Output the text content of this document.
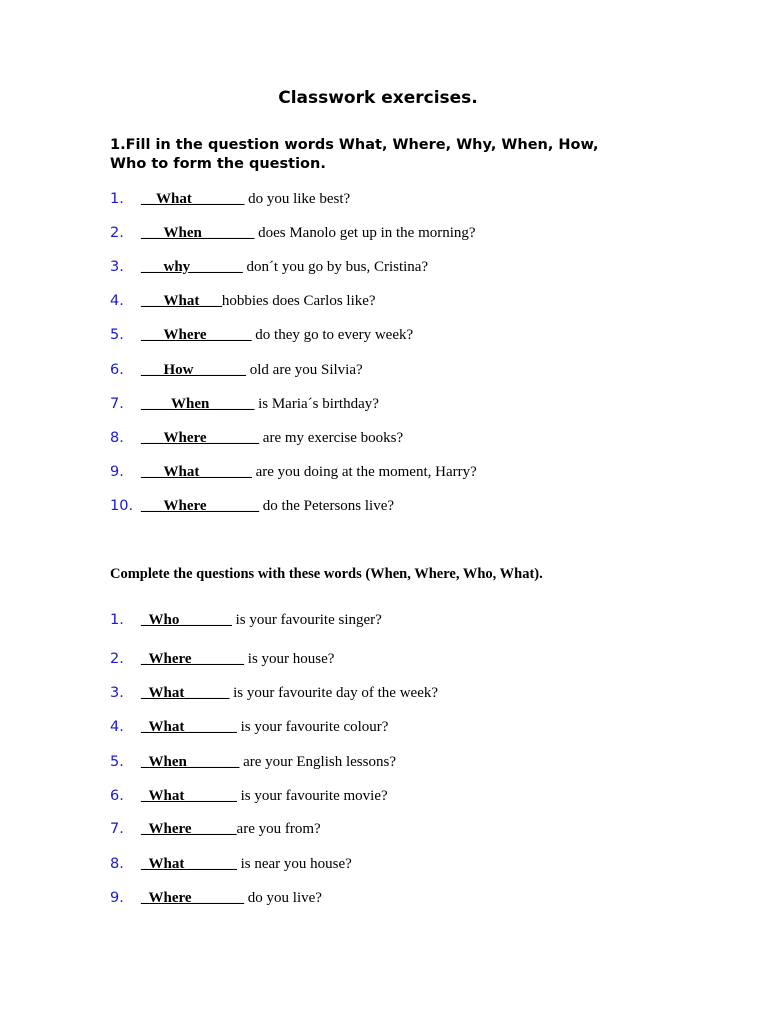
Classwork exercises.
1.Fill in the question words What, Where, Why, When, How, Who to form the question.
1.	__What_______ do you like best?
2.	___When_______ does Manolo get up in the morning?
3.	___why_______ don´t you go by bus, Cristina?
4.	___What___ hobbies does Carlos like?
5.	___Where______ do they go to every week?
6.	___How_______ old are you Silvia?
7.	____When______ is Maria´s birthday?
8.	___Where_______ are my exercise books?
9.	___What_______ are you doing at the moment, Harry?
10. ___Where_______ do the Petersons live?
Complete the questions with these words (When, Where, Who, What).
1.	_Who_______ is your favourite singer?
2.	_Where_______ is your house?
3.	_What______ is your favourite day of the week?
4.	_What_______ is your favourite colour?
5.	_When_______ are your English lessons?
6.	_What_______ is your favourite movie?
7.	_Where______ are you from?
8.	_What_______ is near you house?
9.	_Where_______ do you live?
